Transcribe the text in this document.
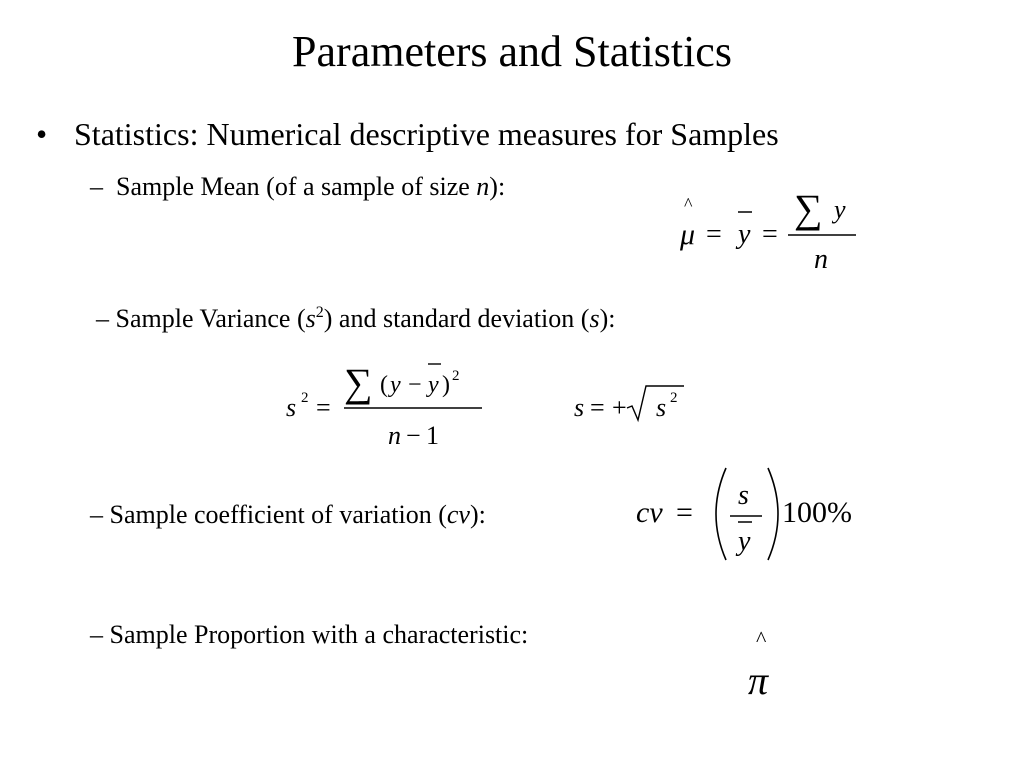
Parameters and Statistics
• Statistics: Numerical descriptive measures for Samples
– Sample Mean (of a sample of size n):
^
μ = y =
∑ y
n
– Sample Variance $(s^2)$ and standard deviation (s):
s 2 =
∑ ( y − y ) 2
n − 1
s = + s 2
– Sample coefficient of variation (cv):	cv =
s
y
100%
– Sample Proportion with a characteristic:	^
π
